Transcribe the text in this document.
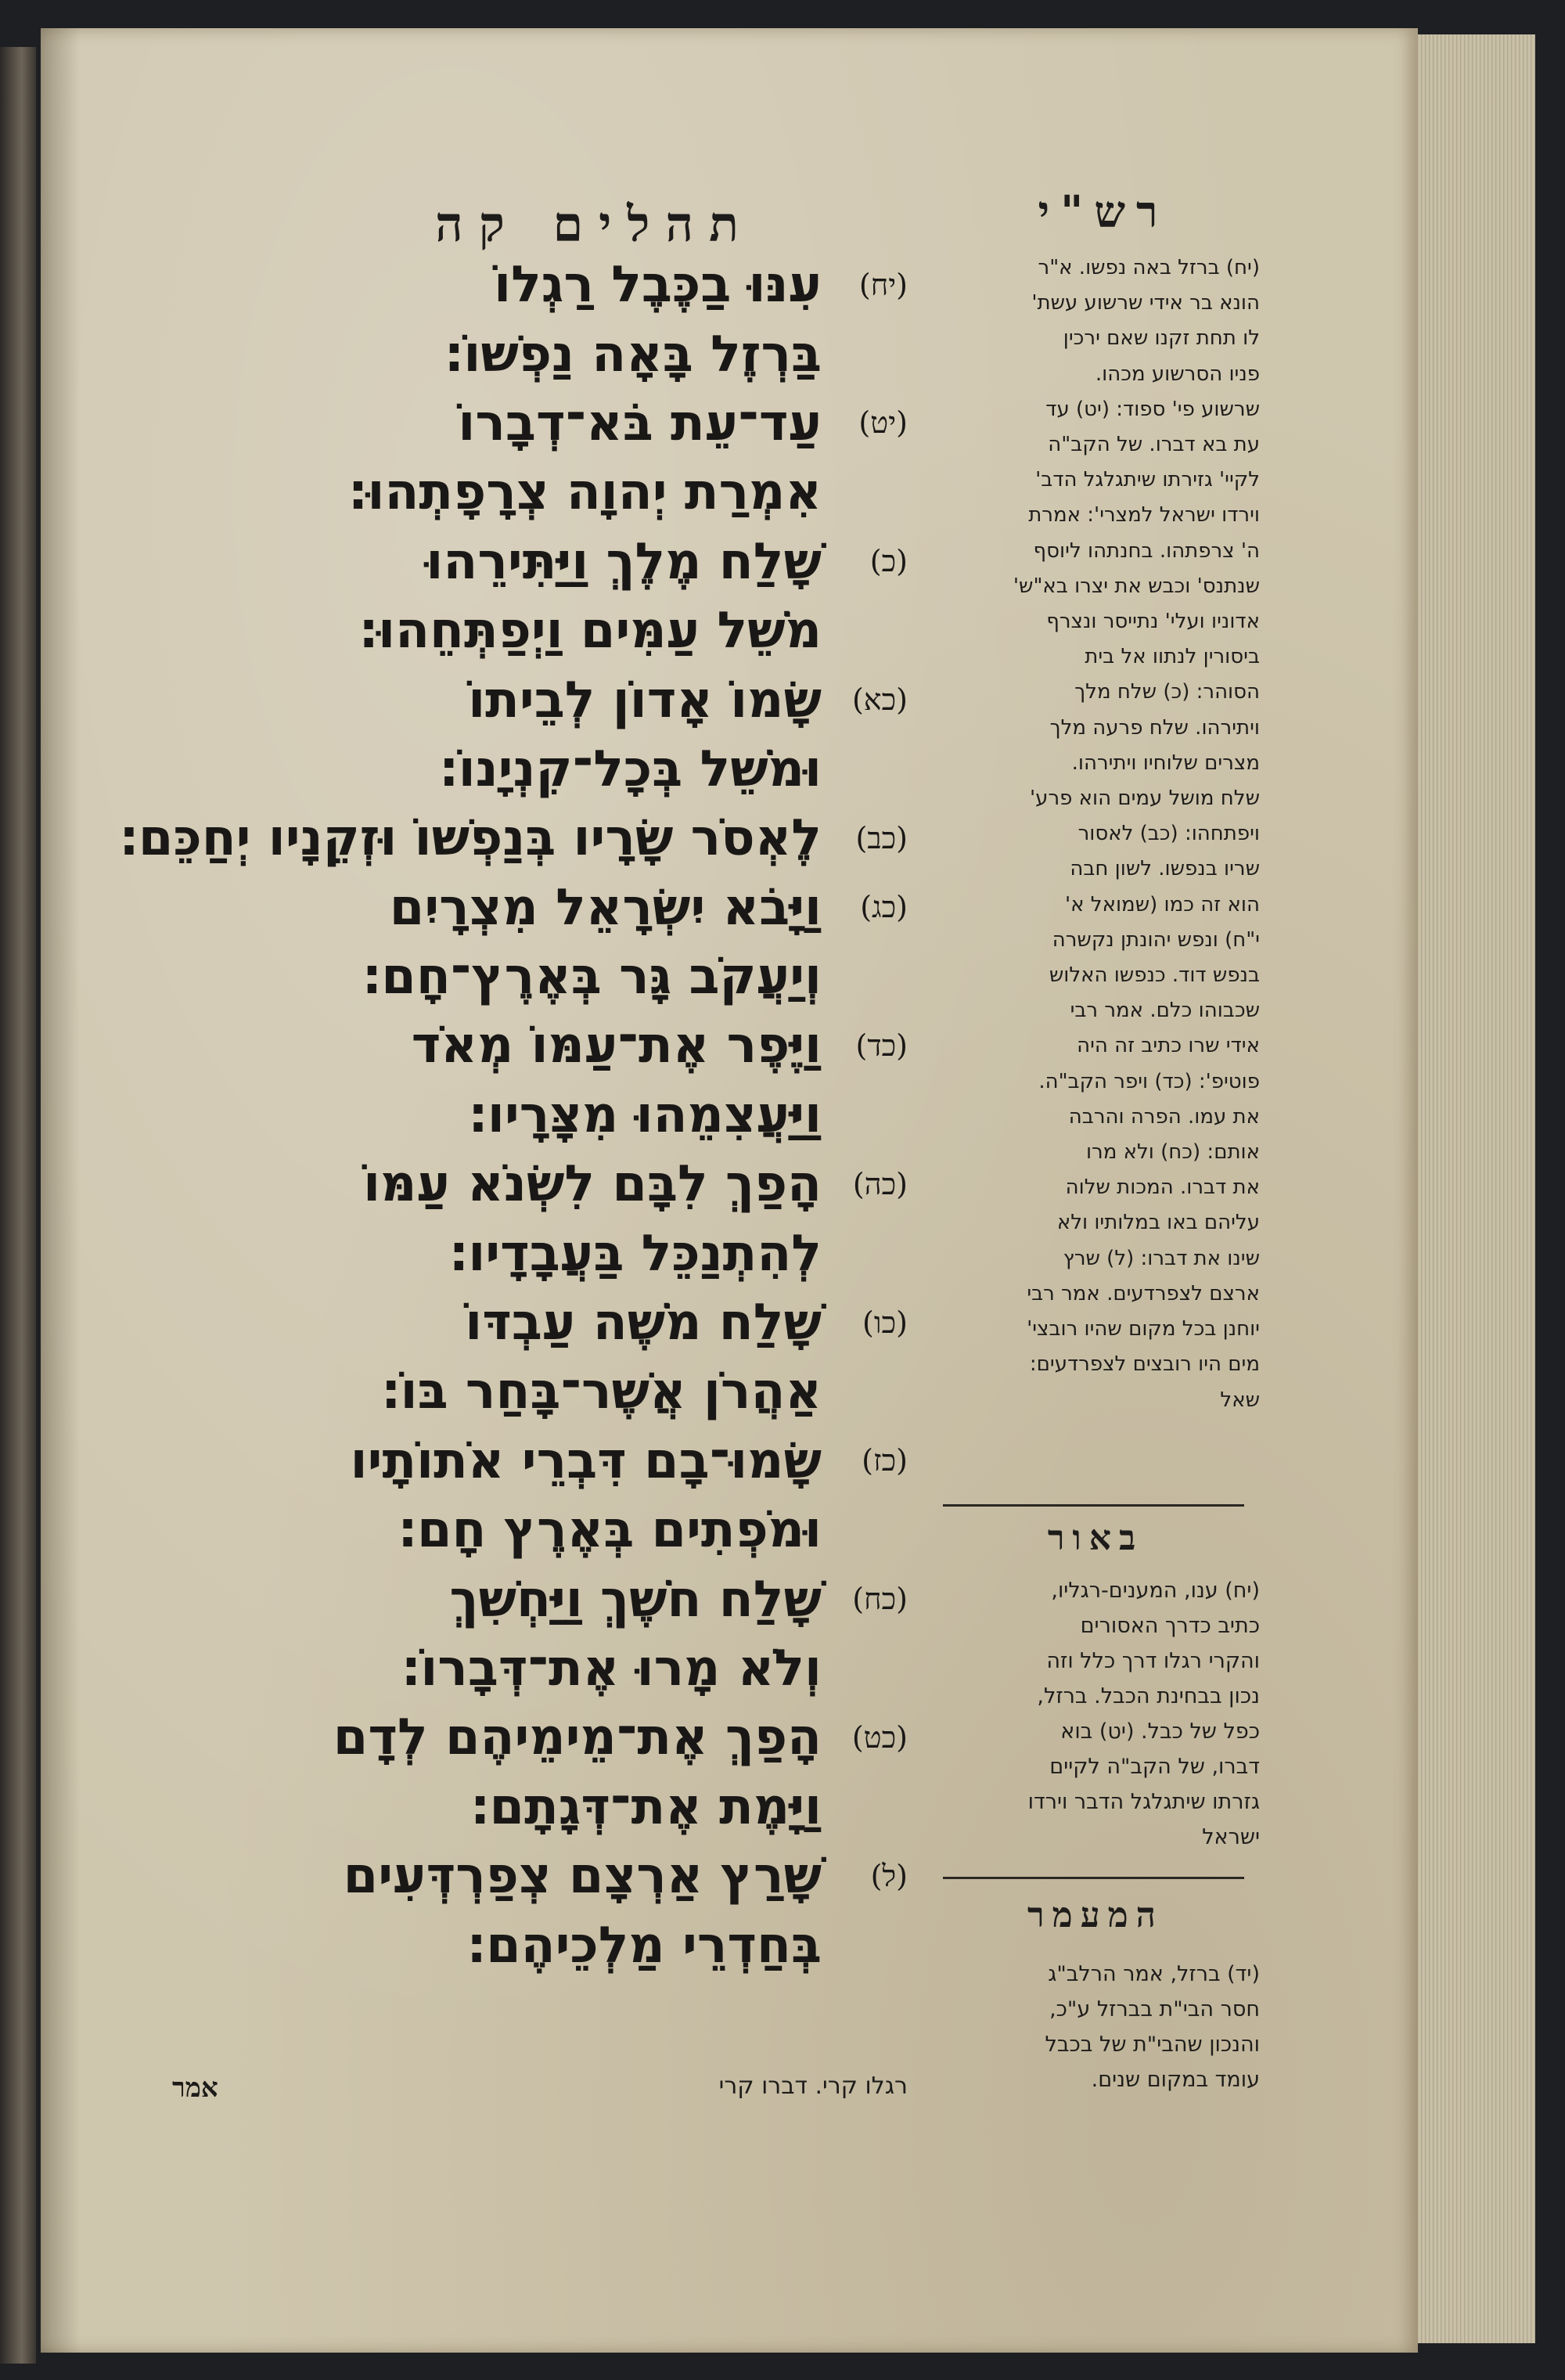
תהלים קה	רש"י
(יח)
עִנּוּ בַכֶּבֶל רַגְלוֹ
בַּרְזֶל בָּאָה נַפְשׁוֹ׃
(יט)
עַד־עֵת בֹּא־דְבָרוֹ
אִמְרַת יְהוָה צְרָפָתְהוּ׃
(כ)
שָׁלַח מֶלֶךְ וַיַּתִּירֵהוּ
מֹשֵׁל עַמִּים וַיְפַתְּחֵהוּ׃
(כא)
שָׂמוֹ אָדוֹן לְבֵיתוֹ
וּמֹשֵׁל בְּכָל־קִנְיָנוֹ׃
(כב)
לֶאְסֹר שָׂרָיו בְּנַפְשׁוֹ וּזְקֵנָיו יְחַכֵּם׃
(כג)
וַיָּבֹא יִשְׂרָאֵל מִצְרָיִם
וְיַעֲקֹב גָּר בְּאֶרֶץ־חָם׃
(כד)
וַיֶּפֶר אֶת־עַמּוֹ מְאֹד
וַיַּעֲצִמֵהוּ מִצָּרָיו׃
(כה)
הָפַךְ לִבָּם לִשְׂנֹא עַמּוֹ
לְהִתְנַכֵּל בַּעֲבָדָיו׃
(כו)
שָׁלַח מֹשֶׁה עַבְדּוֹ
אַהֲרֹן אֲשֶׁר־בָּחַר בּוֹ׃
(כז)
שָׂמוּ־בָם דִּבְרֵי אֹתוֹתָיו
וּמֹפְתִים בְּאֶרֶץ חָם׃
(כח)
שָׁלַח חֹשֶׁךְ וַיַּחְשִׁךְ
וְלֹא מָרוּ אֶת־דְּבָרוֹ׃
(כט)
הָפַךְ אֶת־מֵימֵיהֶם לְדָם
וַיָּמֶת אֶת־דְּגָתָם׃
(ל)
שָׁרַץ אַרְצָם צְפַרְדְּעִים
בְּחַדְרֵי מַלְכֵיהֶם׃
(יח) ברזל באה נפשו. א"ר
הונא בר אידי שרשוע עשת'
לו תחת זקנו שאם ירכין
פניו הסרשוע מכהו.
שרשוע פי' ספוד: (יט) עד
עת בא דברו. של הקב"ה
לקיי' גזירתו שיתגלגל הדב'
וירדו ישראל למצרי': אמרת
ה' צרפתהו. בחנתהו ליוסף
שנתנס' וכבש את יצרו בא"ש'
אדוניו ועלי' נתייסר ונצרף
ביסורין לנתוו אל בית
הסוהר: (כ) שלח מלך
ויתירהו. שלח פרעה מלך
מצרים שלוחיו ויתירהו.
שלח מושל עמים הוא פרע'
ויפתחהו: (כב) לאסור
שריו בנפשו. לשון חבה
הוא זה כמו (שמואל א'
י"ח) ונפש יהונתן נקשרה
בנפש דוד. כנפשו האלוש
שכבוהו כלם. אמר רבי
אידי שרו כתיב זה היה
פוטיפ': (כד) ויפר הקב"ה.
את עמו. הפרה והרבה
אותם: (כח) ולא מרו
את דברו. המכות שלוה
עליהם באו במלותיו ולא
שינו את דברו: (ל) שרץ
ארצם לצפרדעים. אמר רבי
יוחנן בכל מקום שהיו רובצי'
מים היו רובצים לצפרדעים:
שאל
באור
(יח) ענו, המענים-רגליו,
כתיב כדרך האסורים
והקרי רגלו דרך כלל וזה
נכון בבחינת הכבל. ברזל,
כפל של כבל. (יט) בוא
דברו, של הקב"ה לקיים
גזרתו שיתגלגל הדבר וירדו
ישראל
המעמר
(יד) ברזל, אמר הרלב"ג
חסר הבי"ת בברזל ע"כ,
והנכון שהבי"ת של בכבל
עומד במקום שנים.
רגלו קרי. דברו קרי
אמר
